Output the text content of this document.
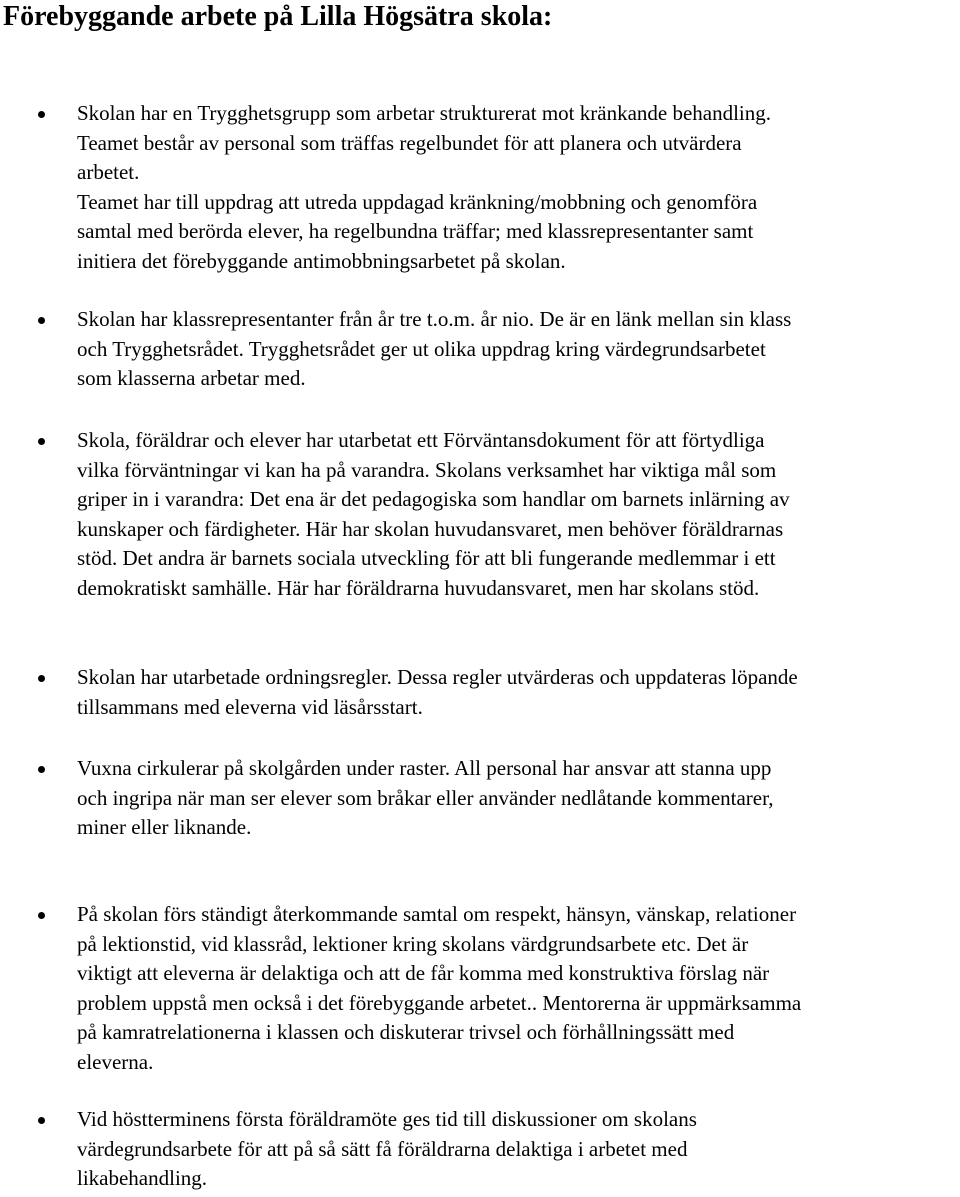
Förebyggande arbete på Lilla Högsätra skola:

Skolan har en Trygghetsgrupp som arbetar strukturerat mot kränkande behandling.
Teamet består av personal som träffas regelbundet för att planera och utvärdera
arbetet.
Teamet har till uppdrag att utreda uppdagad kränkning/mobbning och genomföra
samtal med berörda elever, ha regelbundna träffar; med klassrepresentanter samt
initiera det förebyggande antimobbningsarbetet på skolan.

Skolan har klassrepresentanter från år tre t.o.m. år nio. De är en länk mellan sin klass
och Trygghetsrådet. Trygghetsrådet ger ut olika uppdrag kring värdegrundsarbetet
som klasserna arbetar med.

Skola, föräldrar och elever har utarbetat ett Förväntansdokument för att förtydliga
vilka förväntningar vi kan ha på varandra. Skolans verksamhet har viktiga mål som
griper in i varandra: Det ena är det pedagogiska som handlar om barnets inlärning av
kunskaper och färdigheter. Här har skolan huvudansvaret, men behöver föräldrarnas
stöd. Det andra är barnets sociala utveckling för att bli fungerande medlemmar i ett
demokratiskt samhälle. Här har föräldrarna huvudansvaret, men har skolans stöd.

Skolan har utarbetade ordningsregler. Dessa regler utvärderas och uppdateras löpande
tillsammans med eleverna vid läsårsstart.

Vuxna cirkulerar på skolgården under raster. All personal har ansvar att stanna upp
och ingripa när man ser elever som bråkar eller använder nedlåtande kommentarer,
miner eller liknande.

På skolan förs ständigt återkommande samtal om respekt, hänsyn, vänskap, relationer
på lektionstid, vid klassråd, lektioner kring skolans värdgrundsarbete etc. Det är
viktigt att eleverna är delaktiga och att de får komma med konstruktiva förslag när
problem uppstå men också i det förebyggande arbetet.. Mentorerna är uppmärksamma
på kamratrelationerna i klassen och diskuterar trivsel och förhållningssätt med
eleverna.

Vid höstterminens första föräldramöte ges tid till diskussioner om skolans
värdegrundsarbete för att på så sätt få föräldrarna delaktiga i arbetet med
likabehandling.
